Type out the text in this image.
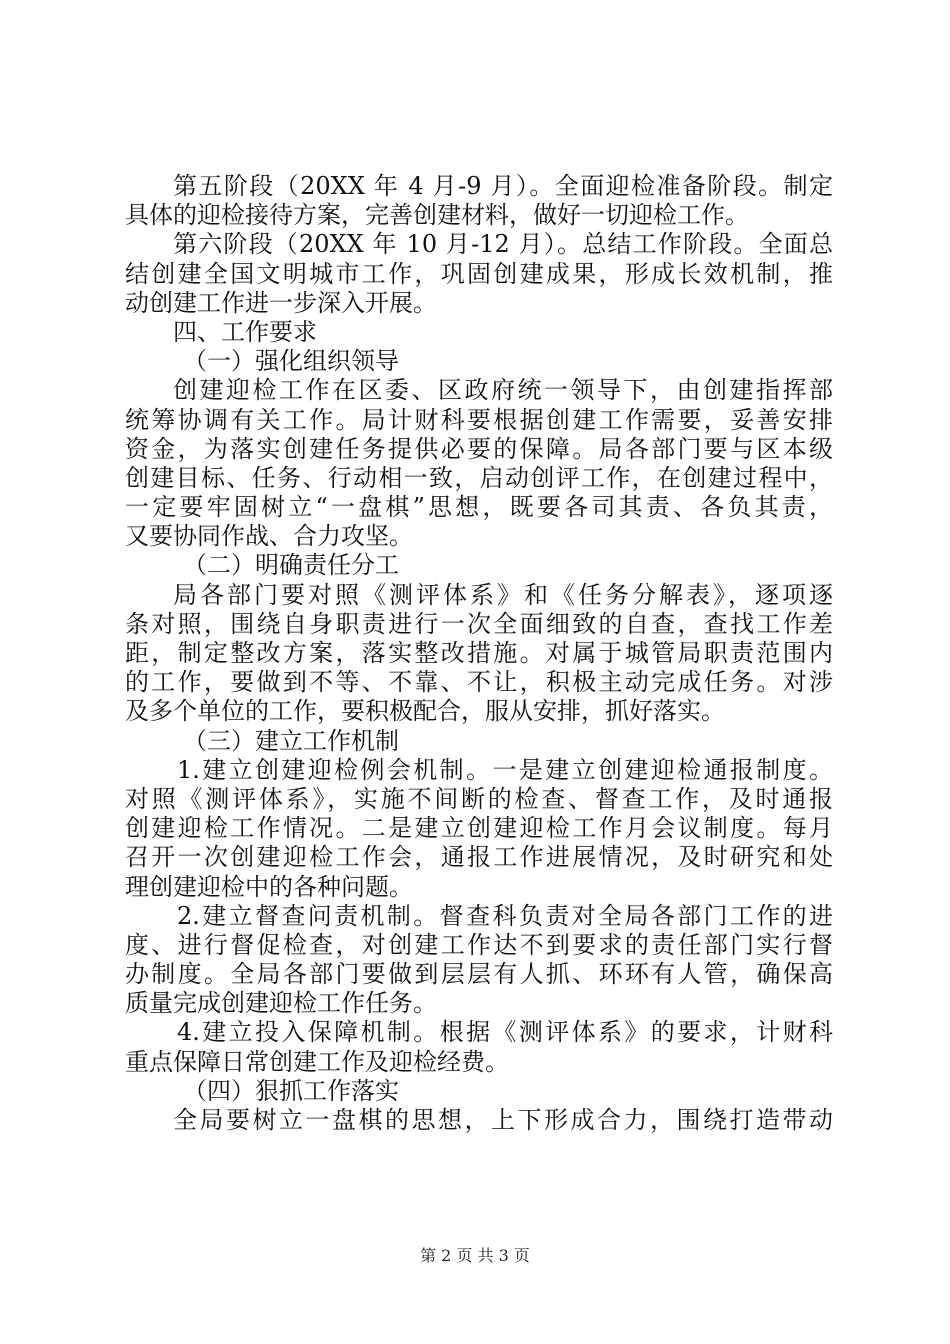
第五阶段（20XX 年 4 月-9 月）。全面迎检准备阶段。制定
具体的迎检接待方案，完善创建材料，做好一切迎检工作。
第六阶段（20XX 年 10 月-12 月）。总结工作阶段。全面总
结创建全国文明城市工作，巩固创建成果，形成长效机制，推
动创建工作进一步深入开展。
四、工作要求
（一）强化组织领导
创建迎检工作在区委、区政府统一领导下，由创建指挥部
统筹协调有关工作。局计财科要根据创建工作需要，妥善安排
资金，为落实创建任务提供必要的保障。局各部门要与区本级
创建目标、任务、行动相一致，启动创评工作，在创建过程中，
一定要牢固树立“一盘棋”思想，既要各司其责、各负其责，
又要协同作战、合力攻坚。
（二）明确责任分工
局各部门要对照《测评体系》和《任务分解表》，逐项逐
条对照，围绕自身职责进行一次全面细致的自查，查找工作差
距，制定整改方案，落实整改措施。对属于城管局职责范围内
的工作，要做到不等、不靠、不让，积极主动完成任务。对涉
及多个单位的工作，要积极配合，服从安排，抓好落实。
（三）建立工作机制
1.建立创建迎检例会机制。一是建立创建迎检通报制度。
对照《测评体系》，实施不间断的检查、督查工作，及时通报
创建迎检工作情况。二是建立创建迎检工作月会议制度。每月
召开一次创建迎检工作会，通报工作进展情况，及时研究和处
理创建迎检中的各种问题。
2.建立督查问责机制。督查科负责对全局各部门工作的进
度、进行督促检查，对创建工作达不到要求的责任部门实行督
办制度。全局各部门要做到层层有人抓、环环有人管，确保高
质量完成创建迎检工作任务。
4.建立投入保障机制。根据《测评体系》的要求，计财科
重点保障日常创建工作及迎检经费。
（四）狠抓工作落实
全局要树立一盘棋的思想，上下形成合力，围绕打造带动
第 2 页 共 3 页
